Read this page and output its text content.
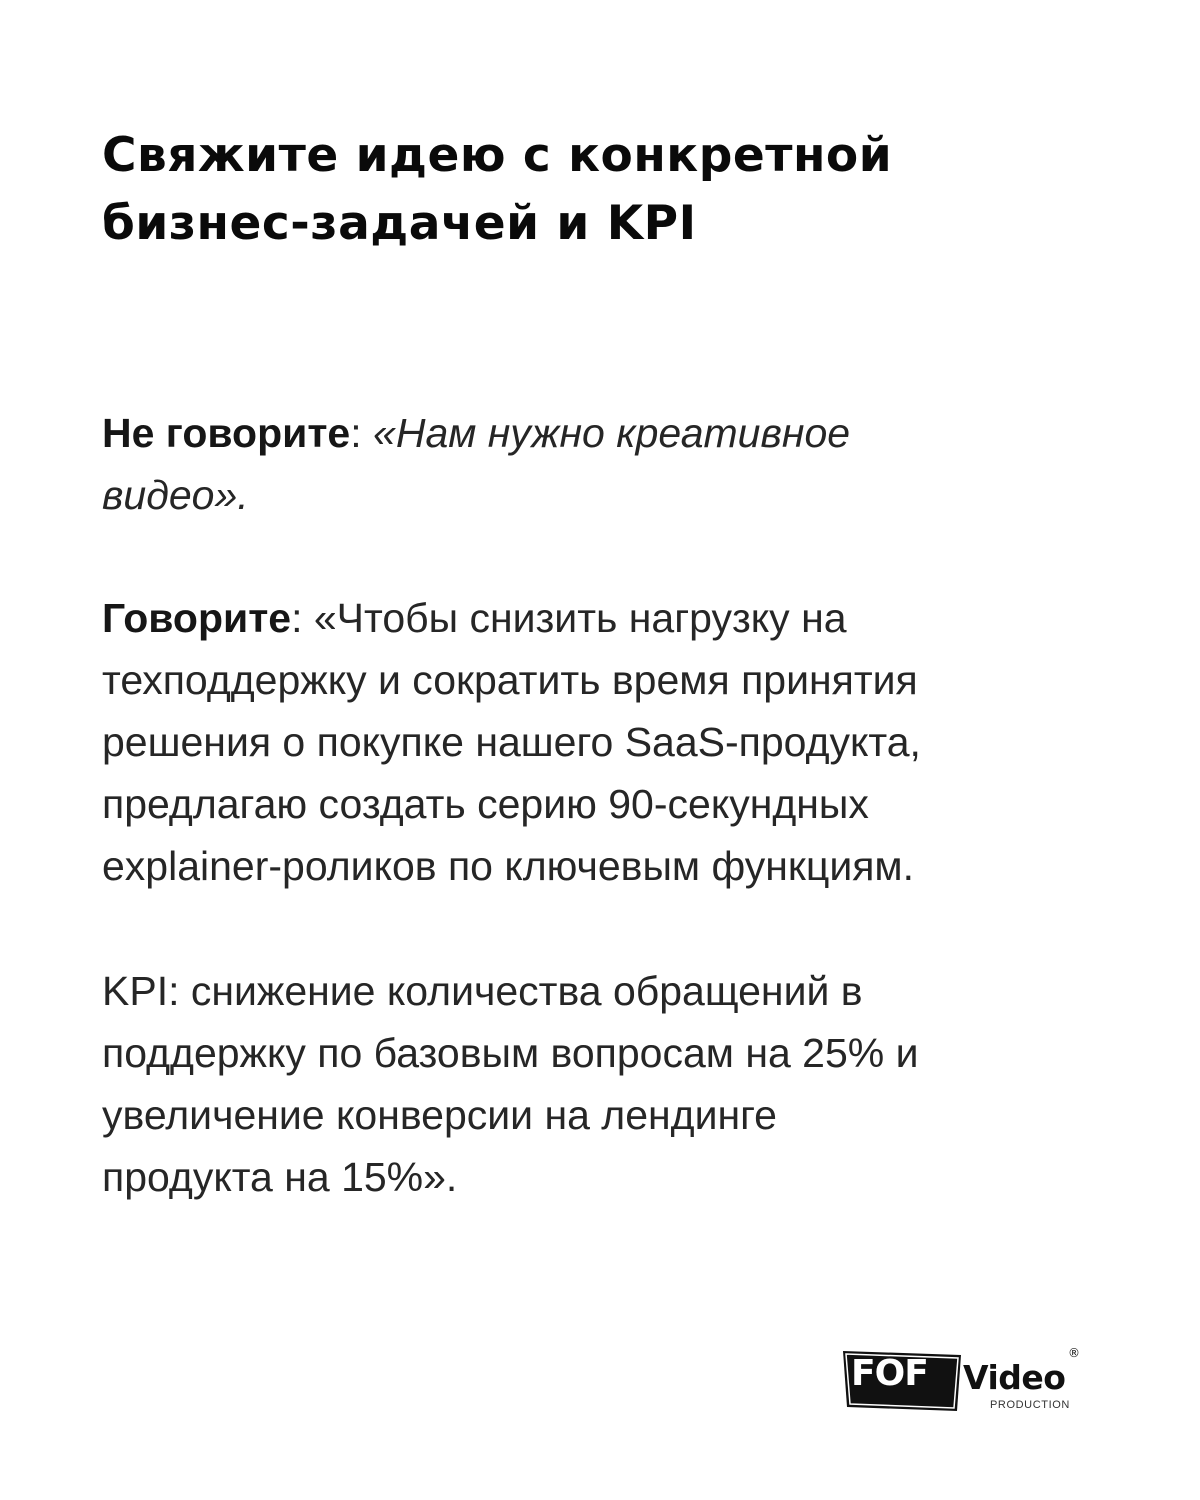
Свяжите идею с конкретной
бизнес-задачей и KPI

Не говорите: «Нам нужно креативное
видео».

Говорите: «Чтобы снизить нагрузку на
техподдержку и сократить время принятия
решения о покупке нашего SaaS-продукта,
предлагаю создать серию 90-секундных
explainer-роликов по ключевым функциям.

KPI: снижение количества обращений в
поддержку по базовым вопросам на 25% и
увеличение конверсии на лендинге
продукта на 15%».

FOF Video
®
PRODUCTION
